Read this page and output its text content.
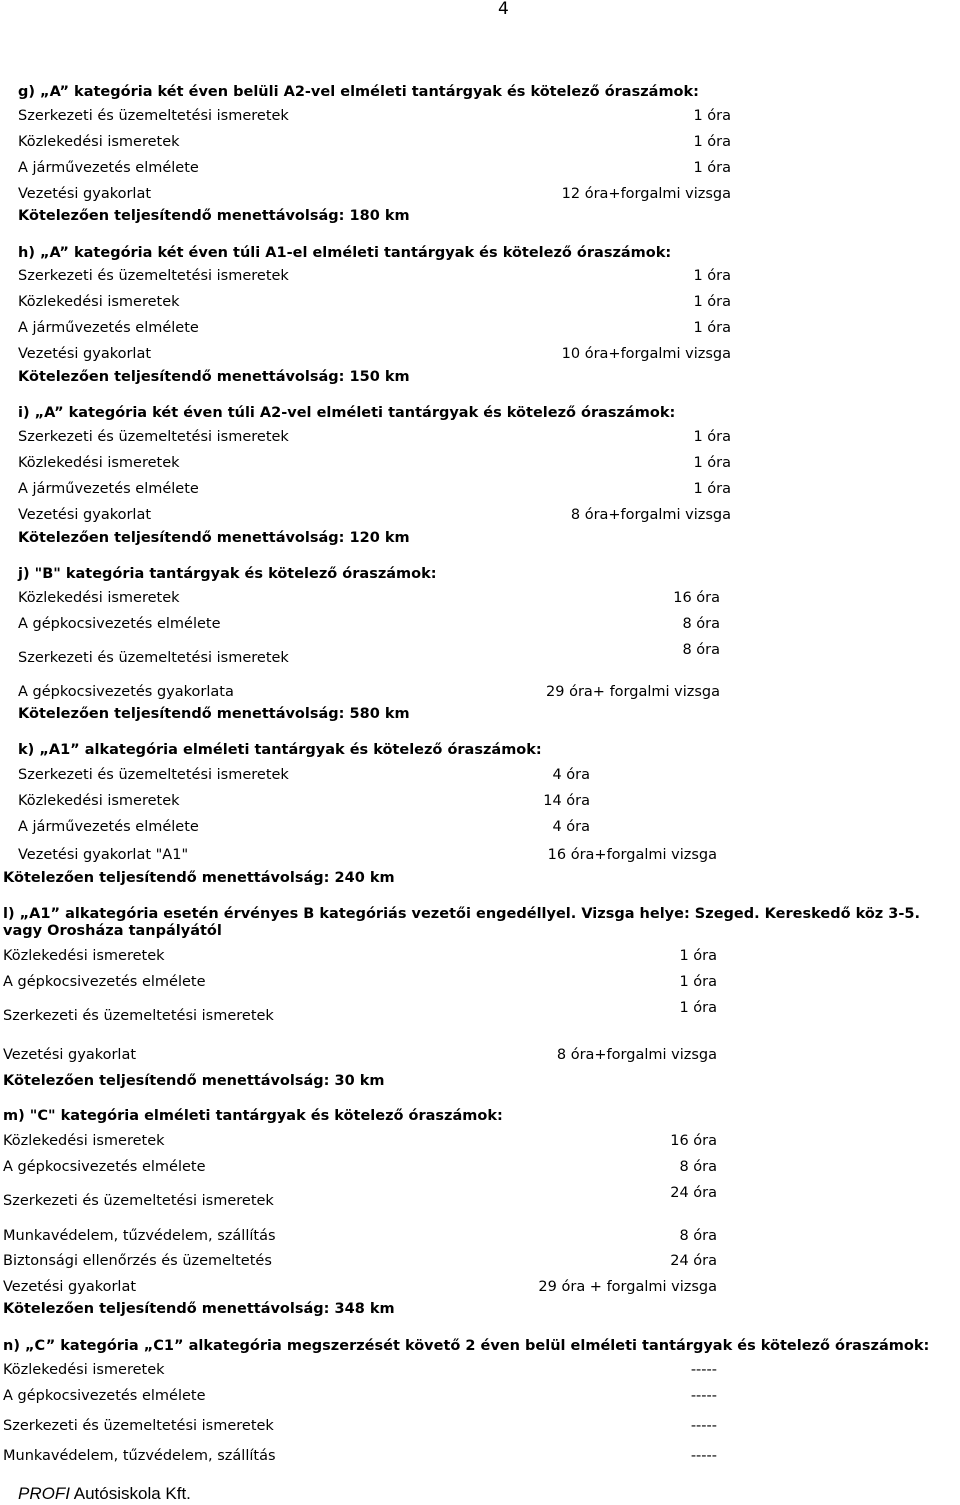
4
g) „A” kategória két éven belüli A2-vel elméleti tantárgyak és kötelező óraszámok:
Szerkezeti és üzemeltetési ismeretek	1 óra
Közlekedési ismeretek	1 óra
A járművezetés elmélete	1 óra
Vezetési gyakorlat	12 óra+forgalmi vizsga
Kötelezően teljesítendő menettávolság: 180 km
h) „A” kategória két éven túli A1-el elméleti tantárgyak és kötelező óraszámok:
Szerkezeti és üzemeltetési ismeretek	1 óra
Közlekedési ismeretek	1 óra
A járművezetés elmélete	1 óra
Vezetési gyakorlat	10 óra+forgalmi vizsga
Kötelezően teljesítendő menettávolság: 150 km
i) „A” kategória két éven túli A2-vel elméleti tantárgyak és kötelező óraszámok:
Szerkezeti és üzemeltetési ismeretek	1 óra
Közlekedési ismeretek	1 óra
A járművezetés elmélete	1 óra
Vezetési gyakorlat	8 óra+forgalmi vizsga
Kötelezően teljesítendő menettávolság: 120 km
j) "B" kategória tantárgyak és kötelező óraszámok:
Közlekedési ismeretek	16 óra
A gépkocsivezetés elmélete	8 óra
Szerkezeti és üzemeltetési ismeretek	8 óra
A gépkocsivezetés gyakorlata	29 óra+ forgalmi vizsga
Kötelezően teljesítendő menettávolság: 580 km
k) „A1” alkategória elméleti tantárgyak és kötelező óraszámok:
Szerkezeti és üzemeltetési ismeretek	4 óra
Közlekedési ismeretek	14 óra
A járművezetés elmélete	4 óra
Vezetési gyakorlat "A1"	16 óra+forgalmi vizsga
Kötelezően teljesítendő menettávolság: 240 km
l) „A1” alkategória esetén érvényes B kategóriás vezetői engedéllyel. Vizsga helye: Szeged. Kereskedő köz 3-5. vagy Orosháza tanpályától
Közlekedési ismeretek	1 óra
A gépkocsivezetés elmélete	1 óra
Szerkezeti és üzemeltetési ismeretek	1 óra
Vezetési gyakorlat	8 óra+forgalmi vizsga
Kötelezően teljesítendő menettávolság: 30 km
m) "C" kategória elméleti tantárgyak és kötelező óraszámok:
Közlekedési ismeretek	16 óra
A gépkocsivezetés elmélete	8 óra
Szerkezeti és üzemeltetési ismeretek	24 óra
Munkavédelem, tűzvédelem, szállítás	8 óra
Biztonsági ellenőrzés és üzemeltetés	24 óra
Vezetési gyakorlat	29 óra + forgalmi vizsga
Kötelezően teljesítendő menettávolság: 348 km
n) „C” kategória „C1” alkategória megszerzését követő 2 éven belül elméleti tantárgyak és kötelező óraszámok:
Közlekedési ismeretek	-----
A gépkocsivezetés elmélete	-----
Szerkezeti és üzemeltetési ismeretek	-----
Munkavédelem, tűzvédelem, szállítás	-----
PROFI Autósiskola Kft.
